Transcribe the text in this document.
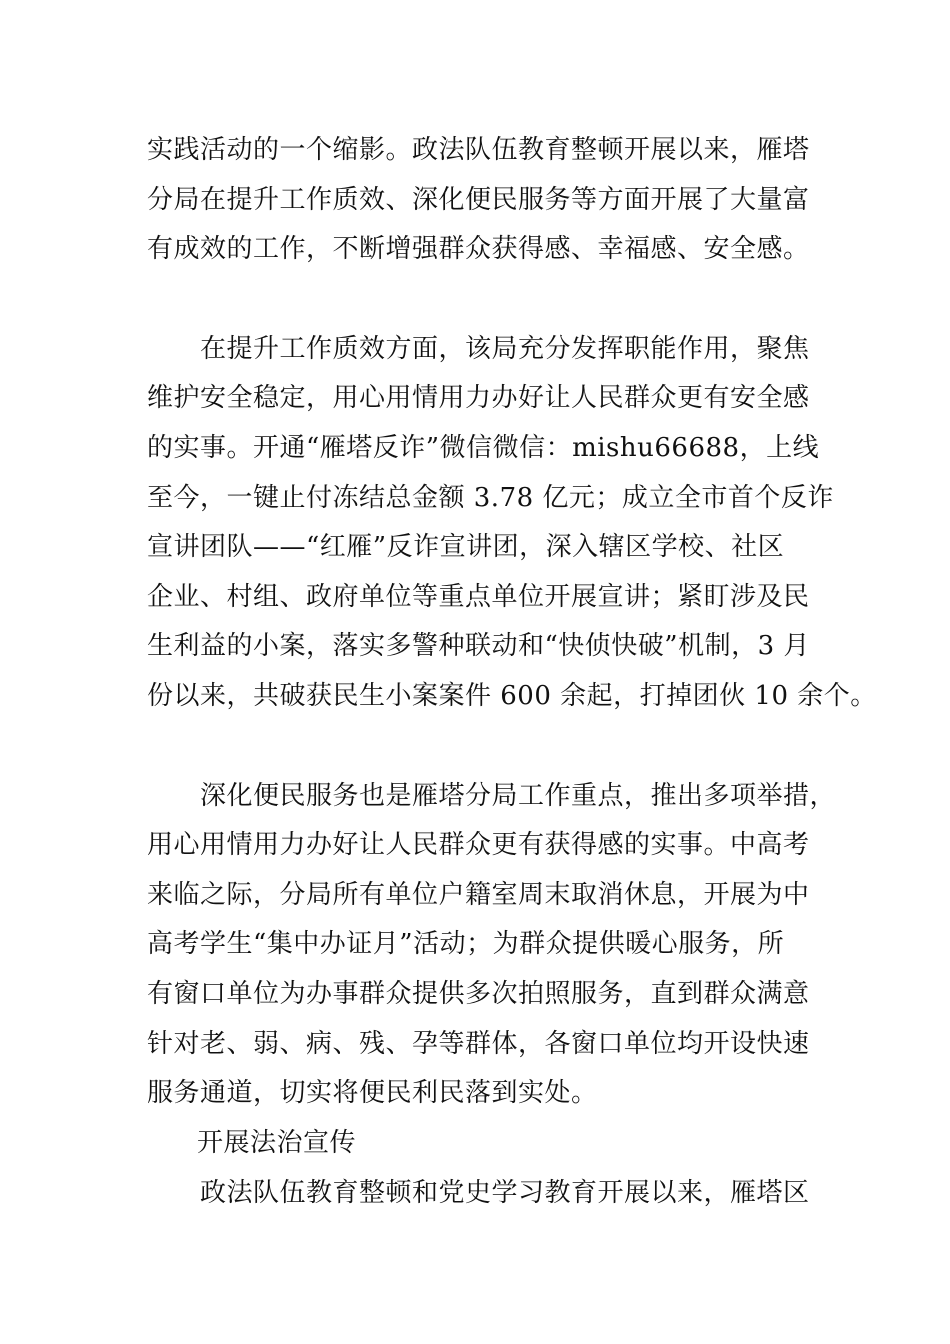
实践活动的一个缩影。政法队伍教育整顿开展以来，雁塔
分局在提升工作质效、深化便民服务等方面开展了大量富
有成效的工作，不断增强群众获得感、幸福感、安全感。
在提升工作质效方面，该局充分发挥职能作用，聚焦
维护安全稳定，用心用情用力办好让人民群众更有安全感
的实事。开通“雁塔反诈”微信微信：mishu66688，上线
至今，一键止付冻结总金额 3.78 亿元；成立全市首个反诈
宣讲团队——“红雁”反诈宣讲团，深入辖区学校、社区
企业、村组、政府单位等重点单位开展宣讲；紧盯涉及民
生利益的小案，落实多警种联动和“快侦快破”机制，3 月
份以来，共破获民生小案案件 600 余起，打掉团伙 10 余个。
深化便民服务也是雁塔分局工作重点，推出多项举措，
用心用情用力办好让人民群众更有获得感的实事。中高考
来临之际，分局所有单位户籍室周末取消休息，开展为中
高考学生“集中办证月”活动；为群众提供暖心服务，所
有窗口单位为办事群众提供多次拍照服务，直到群众满意
针对老、弱、病、残、孕等群体，各窗口单位均开设快速
服务通道，切实将便民利民落到实处。
开展法治宣传
政法队伍教育整顿和党史学习教育开展以来，雁塔区
